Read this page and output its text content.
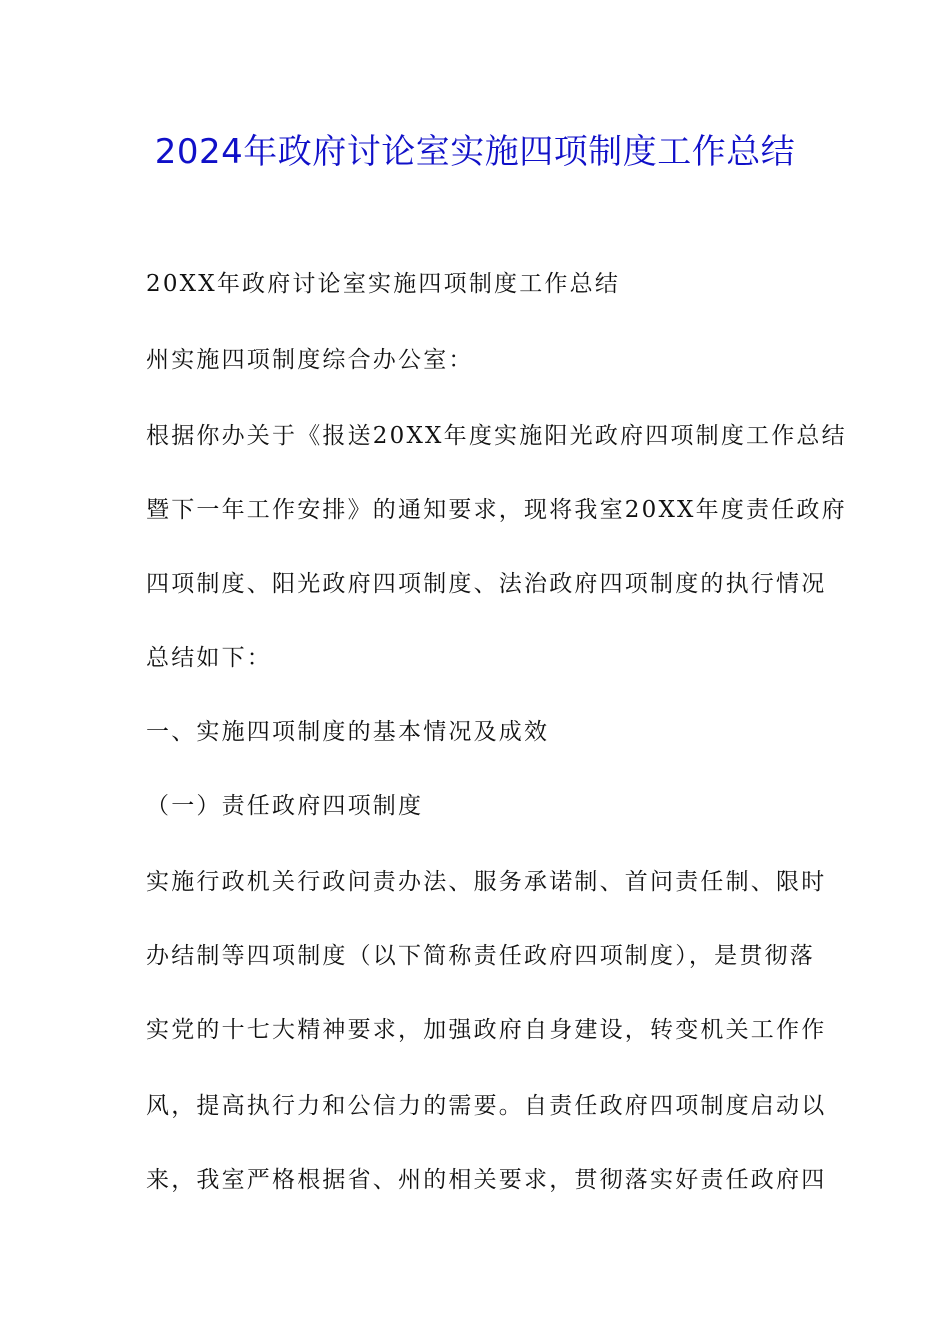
2024年政府讨论室实施四项制度工作总结

20XX年政府讨论室实施四项制度工作总结

州实施四项制度综合办公室：

根据你办关于《报送20XX年度实施阳光政府四项制度工作总结

暨下一年工作安排》的通知要求，现将我室20XX年度责任政府

四项制度、阳光政府四项制度、法治政府四项制度的执行情况

总结如下：

一、实施四项制度的基本情况及成效

（一）责任政府四项制度

实施行政机关行政问责办法、服务承诺制、首问责任制、限时

办结制等四项制度（以下简称责任政府四项制度），是贯彻落

实党的十七大精神要求，加强政府自身建设，转变机关工作作

风，提高执行力和公信力的需要。自责任政府四项制度启动以

来，我室严格根据省、州的相关要求，贯彻落实好责任政府四
